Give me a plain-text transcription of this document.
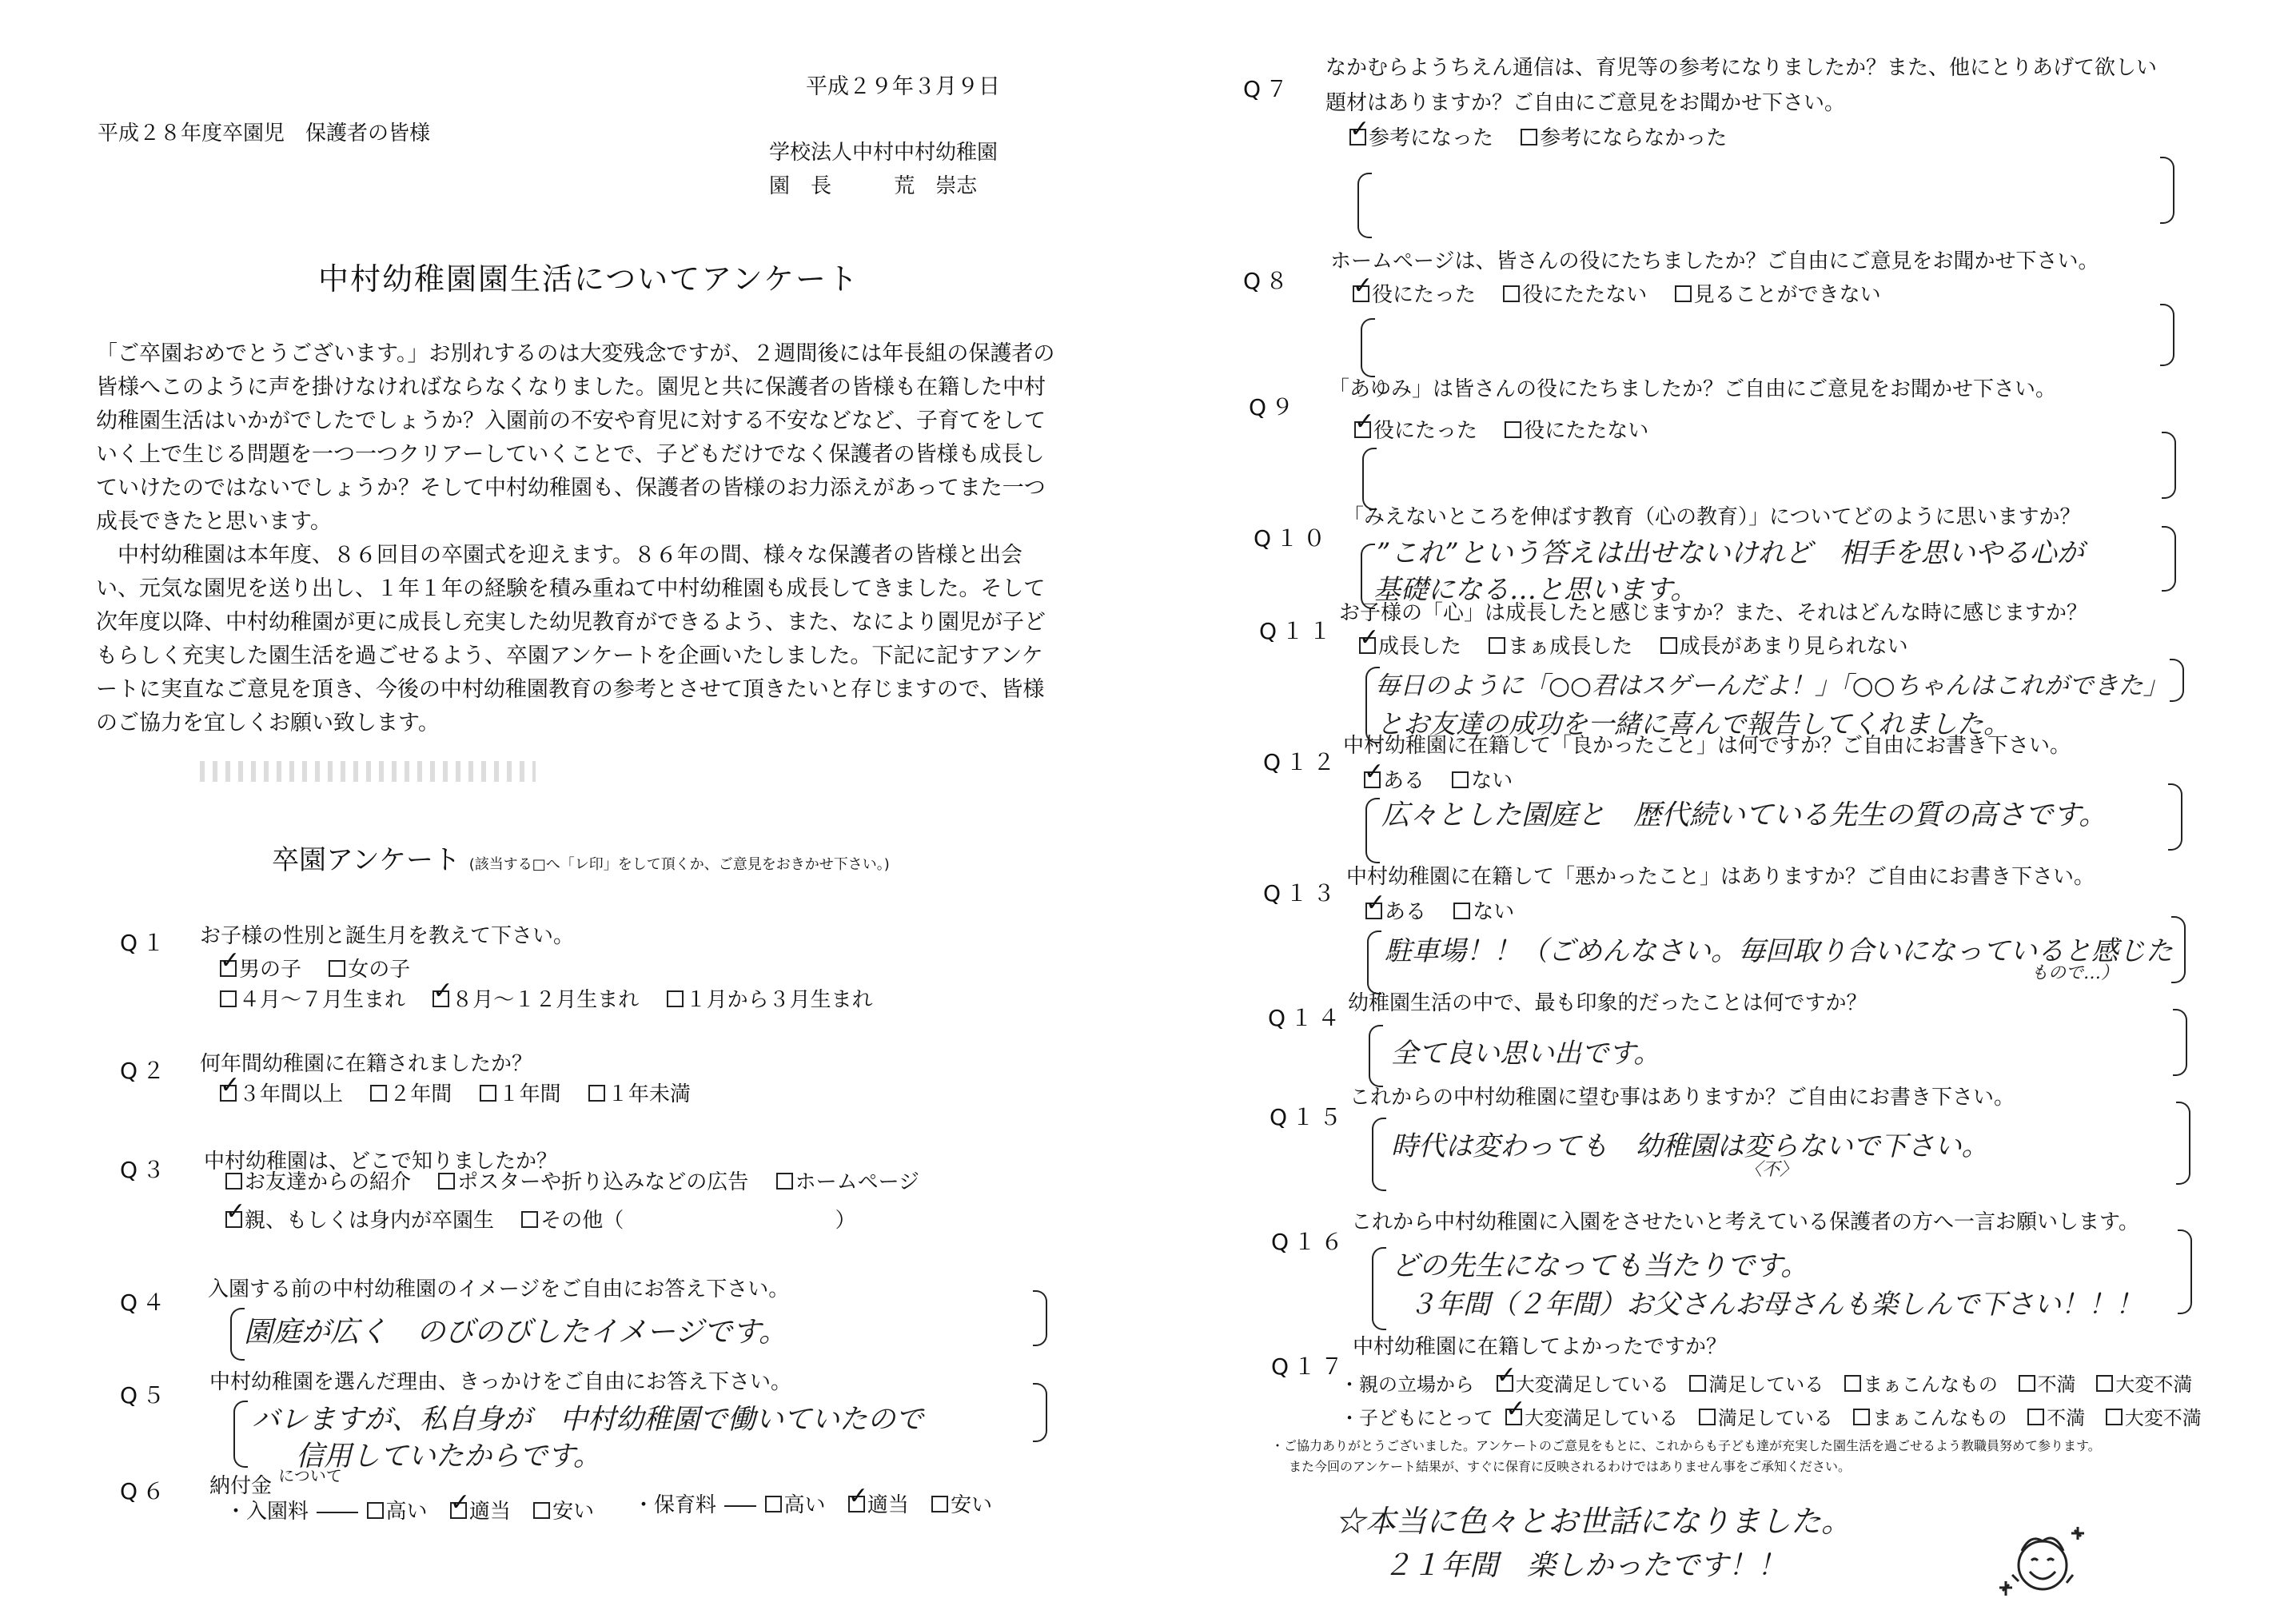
平成２９年３月９日
平成２８年度卒園児　保護者の皆様
学校法人中村中村幼稚園
園　長	荒　崇志
中村幼稚園園生活についてアンケート

「ご卒園おめでとうございます。」お別れするのは大変残念ですが、２週間後には年長組の保護者の皆様へこのように声を掛けなければならなくなりました。園児と共に保護者の皆様も在籍した中村幼稚園生活はいかがでしたでしょうか？入園前の不安や育児に対する不安などなど、子育てをしていく上で生じる問題を一つ一つクリアーしていくことで、子どもだけでなく保護者の皆様も成長していけたのではないでしょうか？そして中村幼稚園も、保護者の皆様のお力添えがあってまた一つ成長できたと思います。

　中村幼稚園は本年度、８６回目の卒園式を迎えます。８６年の間、様々な保護者の皆様と出会い、元気な園児を送り出し、１年１年の経験を積み重ねて中村幼稚園も成長してきました。そして次年度以降、中村幼稚園が更に成長し充実した幼児教育ができるよう、また、なにより園児が子どもらしく充実した園生活を過ごせるよう、卒園アンケートを企画いたしました。下記に記すアンケートに実直なご意見を頂き、今後の中村幼稚園教育の参考とさせて頂きたいと存じますので、皆様のご協力を宜しくお願い致します。

卒園アンケート (該当する□へ「レ印」をして頂くか、ご意見をおきかせ下さい。)
Q１ お子様の性別と誕生月を教えて下さい。
✓男の子 女の子
４月～７月生まれ ✓ ８月～１２月生まれ １月から３月生まれ
Q２ 何年間幼稚園に在籍されましたか？
✓３年間以上 ２年間 １年間 １年未満
Q３ 中村幼稚園は、どこで知りましたか？
お友達からの紹介 ポスターや折り込みなどの広告 ホームページ
✓親、もしくは身内が卒園生 その他（	）
Q４ 入園する前の中村幼稚園のイメージをご自由にお答え下さい。
園庭が広く　のびのびしたイメージです。
Q５ 中村幼稚園を選んだ理由、きっかけをご自由にお答え下さい。
バレますが、私自身が　中村幼稚園で働いていたので
信用していたからです。
Q６ 納付金 $^{について}$
・入園料	高い ✓ 適当 安い	・保育料	高い ✓ 適当 安い
Q７
なかむらようちえん通信は、育児等の参考になりましたか？また、他にとりあげて欲しい
題材はありますか？ご自由にご意見をお聞かせ下さい。
✓参考になった 参考にならなかった
Q８
ホームページは、皆さんの役にたちましたか？ご自由にご意見をお聞かせ下さい。
✓役にたった 役にたたない 見ることができない
Q９
「あゆみ」は皆さんの役にたちましたか？ご自由にご意見をお聞かせ下さい。
✓役にたった 役にたたない
Q１０
「みえないところを伸ばす教育（心の教育）」についてどのように思いますか？
”これ”という答えは出せないけれど　相手を思いやる心が
基礎になる…と思います。
Q１１
お子様の「心」は成長したと感じますか？また、それはどんな時に感じますか？
✓成長した まぁ成長した 成長があまり見られない
毎日のように「○○君はスゲーんだよ！」「○○ちゃんはこれができた」
とお友達の成功を一緒に喜んで報告してくれました。
Q１２
中村幼稚園に在籍して「良かったこと」は何ですか？ご自由にお書き下さい。
✓ある ない
広々とした園庭と　歴代続いている先生の質の高さです。
Q１３
中村幼稚園に在籍して「悪かったこと」はありますか？ご自由にお書き下さい。
✓ある ない
駐車場！！（ごめんなさい。毎回取り合いになっていると感じた
もので…）
Q１４
幼稚園生活の中で、最も印象的だったことは何ですか？
全て良い思い出です。
Q１５
これからの中村幼稚園に望む事はありますか？ご自由にお書き下さい。
時代は変わっても　幼稚園は変らないで下さい。
〈不〉
Q１６
これから中村幼稚園に入園をさせたいと考えている保護者の方へ一言お願いします。
どの先生になっても当たりです。
３年間（２年間）お父さんお母さんも楽しんで下さい！！！
Q１７
中村幼稚園に在籍してよかったですか？
・親の立場から ✓ 大変満足している 満足している まぁこんなもの 不満 大変不満
・子どもにとって ✓ 大変満足している 満足している まぁこんなもの 不満 大変不満
・ご協力ありがとうございました。アンケートのご意見をもとに、これからも子ども達が充実した園生活を過ごせるよう教職員努めて参ります。
また今回のアンケート結果が、すぐに保育に反映されるわけではありません事をご承知ください。
☆本当に色々とお世話になりました。
２１年間　楽しかったです！！
